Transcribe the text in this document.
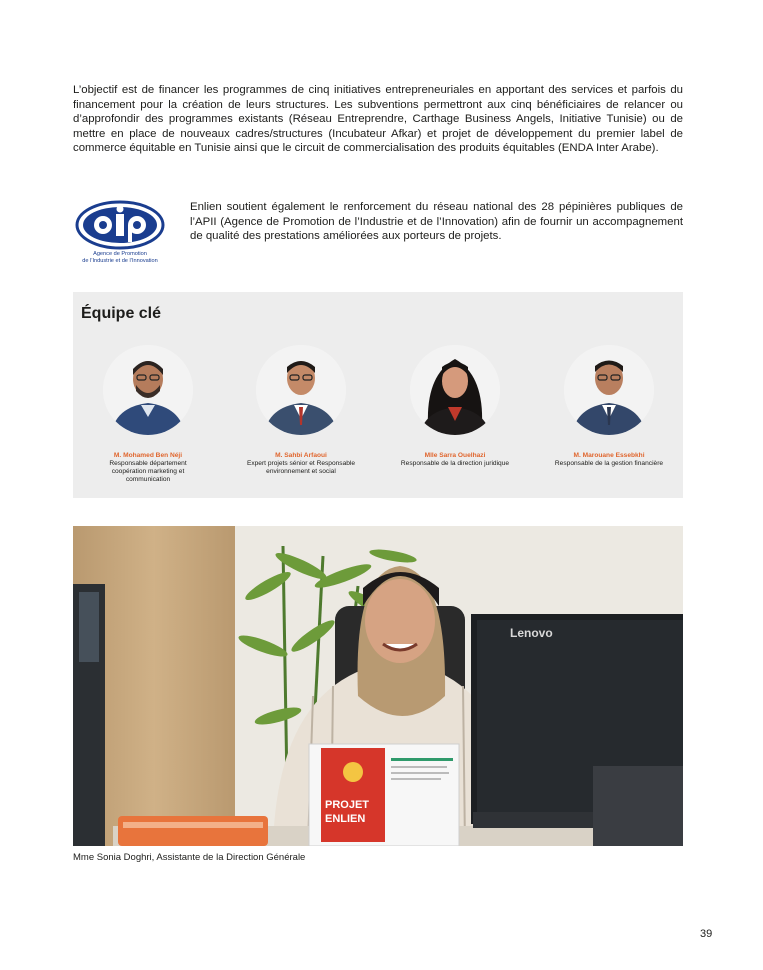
L’objectif est de financer les programmes de cinq initiatives entrepreneuriales en apportant des services et parfois du financement pour la création de leurs structures. Les subventions permettront aux cinq bénéficiaires de relancer ou d’approfondir des programmes existants (Réseau Entreprendre, Carthage Business Angels, Initiative Tunisie) ou de mettre en place de nouveaux cadres/structures (Incubateur Afkar) et projet de développement du premier label de commerce équitable en Tunisie ainsi que le circuit de commercialisation des produits équitables (ENDA Inter Arabe).

Agence de Promotion
de l’Industrie et de l’Innovation

Enlien soutient également le renforcement du réseau national des 28 pépinières publiques de l’APII (Agence de Promotion de l’Industrie et de l’Innovation) afin de fournir un accompagnement de qualité des prestations améliorées aux porteurs de projets.

Équipe clé
M. Mohamed Ben Néji
Responsable département coopération marketing et communication
M. Sahbi Arfaoui
Expert projets sénior et Responsable environnement et social
Mlle Sarra Ouelhazi
Responsable de la direction juridique
M. Marouane Essebkhi
Responsable de la gestion financière
PROJET
ENLIEN
Lenovo
Mme Sonia Doghri, Assistante de la Direction Générale
39
